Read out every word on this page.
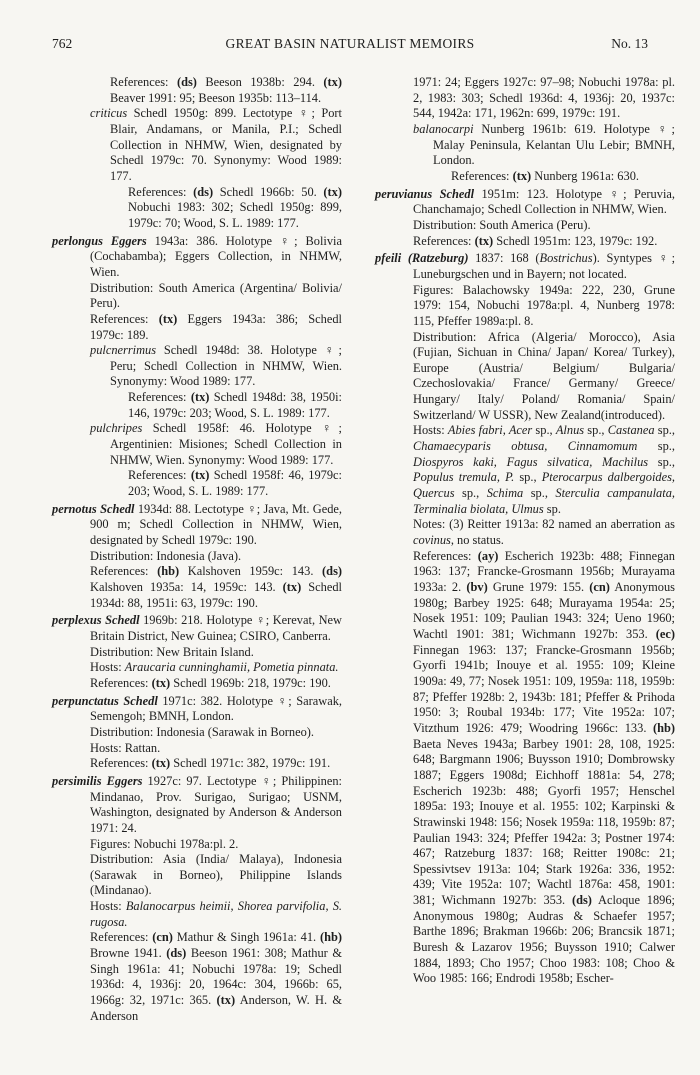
762	GREAT BASIN NATURALIST MEMOIRS	No. 13

References: (ds) Beeson 1938b: 294. (tx) Beaver 1991: 95; Beeson 1935b: 113–114.

criticus Schedl 1950g: 899. Lectotype ♀; Port Blair, Andamans, or Manila, P.I.; Schedl Collection in NHMW, Wien, designated by Schedl 1979c: 70. Synonymy: Wood 1989: 177.

References: (ds) Schedl 1966b: 50. (tx) Nobuchi 1983: 302; Schedl 1950g: 899, 1979c: 70; Wood, S. L. 1989: 177.

perlongus Eggers 1943a: 386. Holotype ♀; Bolivia (Cochabamba); Eggers Collection, in NHMW, Wien.

Distribution: South America (Argentina/ Bolivia/ Peru).

References: (tx) Eggers 1943a: 386; Schedl 1979c: 189.

pulcnerrimus Schedl 1948d: 38. Holotype ♀; Peru; Schedl Collection in NHMW, Wien. Synonymy: Wood 1989: 177.

References: (tx) Schedl 1948d: 38, 1950i: 146, 1979c: 203; Wood, S. L. 1989: 177.

pulchripes Schedl 1958f: 46. Holotype ♀; Argentinien: Misiones; Schedl Collection in NHMW, Wien. Synonymy: Wood 1989: 177.

References: (tx) Schedl 1958f: 46, 1979c: 203; Wood, S. L. 1989: 177.

pernotus Schedl 1934d: 88. Lectotype ♀; Java, Mt. Gede, 900 m; Schedl Collection in NHMW, Wien, designated by Schedl 1979c: 190.

Distribution: Indonesia (Java).

References: (hb) Kalshoven 1959c: 143. (ds) Kalshoven 1935a: 14, 1959c: 143. (tx) Schedl 1934d: 88, 1951i: 63, 1979c: 190.

perplexus Schedl 1969b: 218. Holotype ♀; Kerevat, New Britain District, New Guinea; CSIRO, Canberra.

Distribution: New Britain Island.

Hosts: Araucaria cunninghamii, Pometia pinnata.

References: (tx) Schedl 1969b: 218, 1979c: 190.

perpunctatus Schedl 1971c: 382. Holotype ♀; Sarawak, Semengoh; BMNH, London.

Distribution: Indonesia (Sarawak in Borneo).

Hosts: Rattan.

References: (tx) Schedl 1971c: 382, 1979c: 191.

persimilis Eggers 1927c: 97. Lectotype ♀; Philippinen: Mindanao, Prov. Surigao, Surigao; USNM, Washington, designated by Anderson & Anderson 1971: 24.

Figures: Nobuchi 1978a:pl. 2.

Distribution: Asia (India/ Malaya), Indonesia (Sarawak in Borneo), Philippine Islands (Mindanao).

Hosts: Balanocarpus heimii, Shorea parvifolia, S. rugosa.

References: (cn) Mathur & Singh 1961a: 41. (hb) Browne 1941. (ds) Beeson 1961: 308; Mathur & Singh 1961a: 41; Nobuchi 1978a: 19; Schedl 1936d: 4, 1936j: 20, 1964c: 304, 1966b: 65, 1966g: 32, 1971c: 365. (tx) Anderson, W. H. & Anderson

1971: 24; Eggers 1927c: 97–98; Nobuchi 1978a: pl. 2, 1983: 303; Schedl 1936d: 4, 1936j: 20, 1937c: 544, 1942a: 171, 1962n: 699, 1979c: 191.

balanocarpi Nunberg 1961b: 619. Holotype ♀; Malay Peninsula, Kelantan Ulu Lebir; BMNH, London.

References: (tx) Nunberg 1961a: 630.

peruvianus Schedl 1951m: 123. Holotype ♀; Peruvia, Chanchamajo; Schedl Collection in NHMW, Wien.

Distribution: South America (Peru).

References: (tx) Schedl 1951m: 123, 1979c: 192.

pfeili (Ratzeburg) 1837: 168 (Bostrichus). Syntypes ♀; Luneburgschen und in Bayern; not located.

Figures: Balachowsky 1949a: 222, 230, Grune 1979: 154, Nobuchi 1978a:pl. 4, Nunberg 1978: 115, Pfeffer 1989a:pl. 8.

Distribution: Africa (Algeria/ Morocco), Asia (Fujian, Sichuan in China/ Japan/ Korea/ Turkey), Europe (Austria/ Belgium/ Bulgaria/ Czechoslovakia/ France/ Germany/ Greece/ Hungary/ Italy/ Poland/ Romania/ Spain/ Switzerland/ W USSR), New Zealand(introduced).

Hosts: Abies fabri, Acer sp., Alnus sp., Castanea sp., Chamaecyparis obtusa, Cinnamomum sp., Diospyros kaki, Fagus silvatica, Machilus sp., Populus tremula, P. sp., Pterocarpus dalbergoides, Quercus sp., Schima sp., Sterculia campanulata, Terminalia biolata, Ulmus sp.

Notes: (3) Reitter 1913a: 82 named an aberration as covinus, no status.

References: (ay) Escherich 1923b: 488; Finnegan 1963: 137; Francke-Grosmann 1956b; Murayama 1933a: 2. (bv) Grune 1979: 155. (cn) Anonymous 1980g; Barbey 1925: 648; Murayama 1954a: 25; Nosek 1951: 109; Paulian 1943: 324; Ueno 1960; Wachtl 1901: 381; Wichmann 1927b: 353. (ec) Finnegan 1963: 137; Francke-Grosmann 1956b; Gyorfi 1941b; Inouye et al. 1955: 109; Kleine 1909a: 49, 77; Nosek 1951: 109, 1959a: 118, 1959b: 87; Pfeffer 1928b: 2, 1943b: 181; Pfeffer & Prihoda 1950: 3; Roubal 1934b: 177; Vite 1952a: 107; Vitzthum 1926: 479; Woodring 1966c: 133. (hb) Baeta Neves 1943a; Barbey 1901: 28, 108, 1925: 648; Bargmann 1906; Buysson 1910; Dombrowsky 1887; Eggers 1908d; Eichhoff 1881a: 54, 278; Escherich 1923b: 488; Gyorfi 1957; Henschel 1895a: 193; Inouye et al. 1955: 102; Karpinski & Strawinski 1948: 156; Nosek 1959a: 118, 1959b: 87; Paulian 1943: 324; Pfeffer 1942a: 3; Postner 1974: 467; Ratzeburg 1837: 168; Reitter 1908c: 21; Spessivtsev 1913a: 104; Stark 1926a: 336, 1952: 439; Vite 1952a: 107; Wachtl 1876a: 458, 1901: 381; Wichmann 1927b: 353. (ds) Acloque 1896; Anonymous 1980g; Audras & Schaefer 1957; Barthe 1896; Brakman 1966b: 206; Brancsik 1871; Buresh & Lazarov 1956; Buysson 1910; Calwer 1884, 1893; Cho 1957; Choo 1983: 108; Choo & Woo 1985: 166; Endrodi 1958b; Escher-
